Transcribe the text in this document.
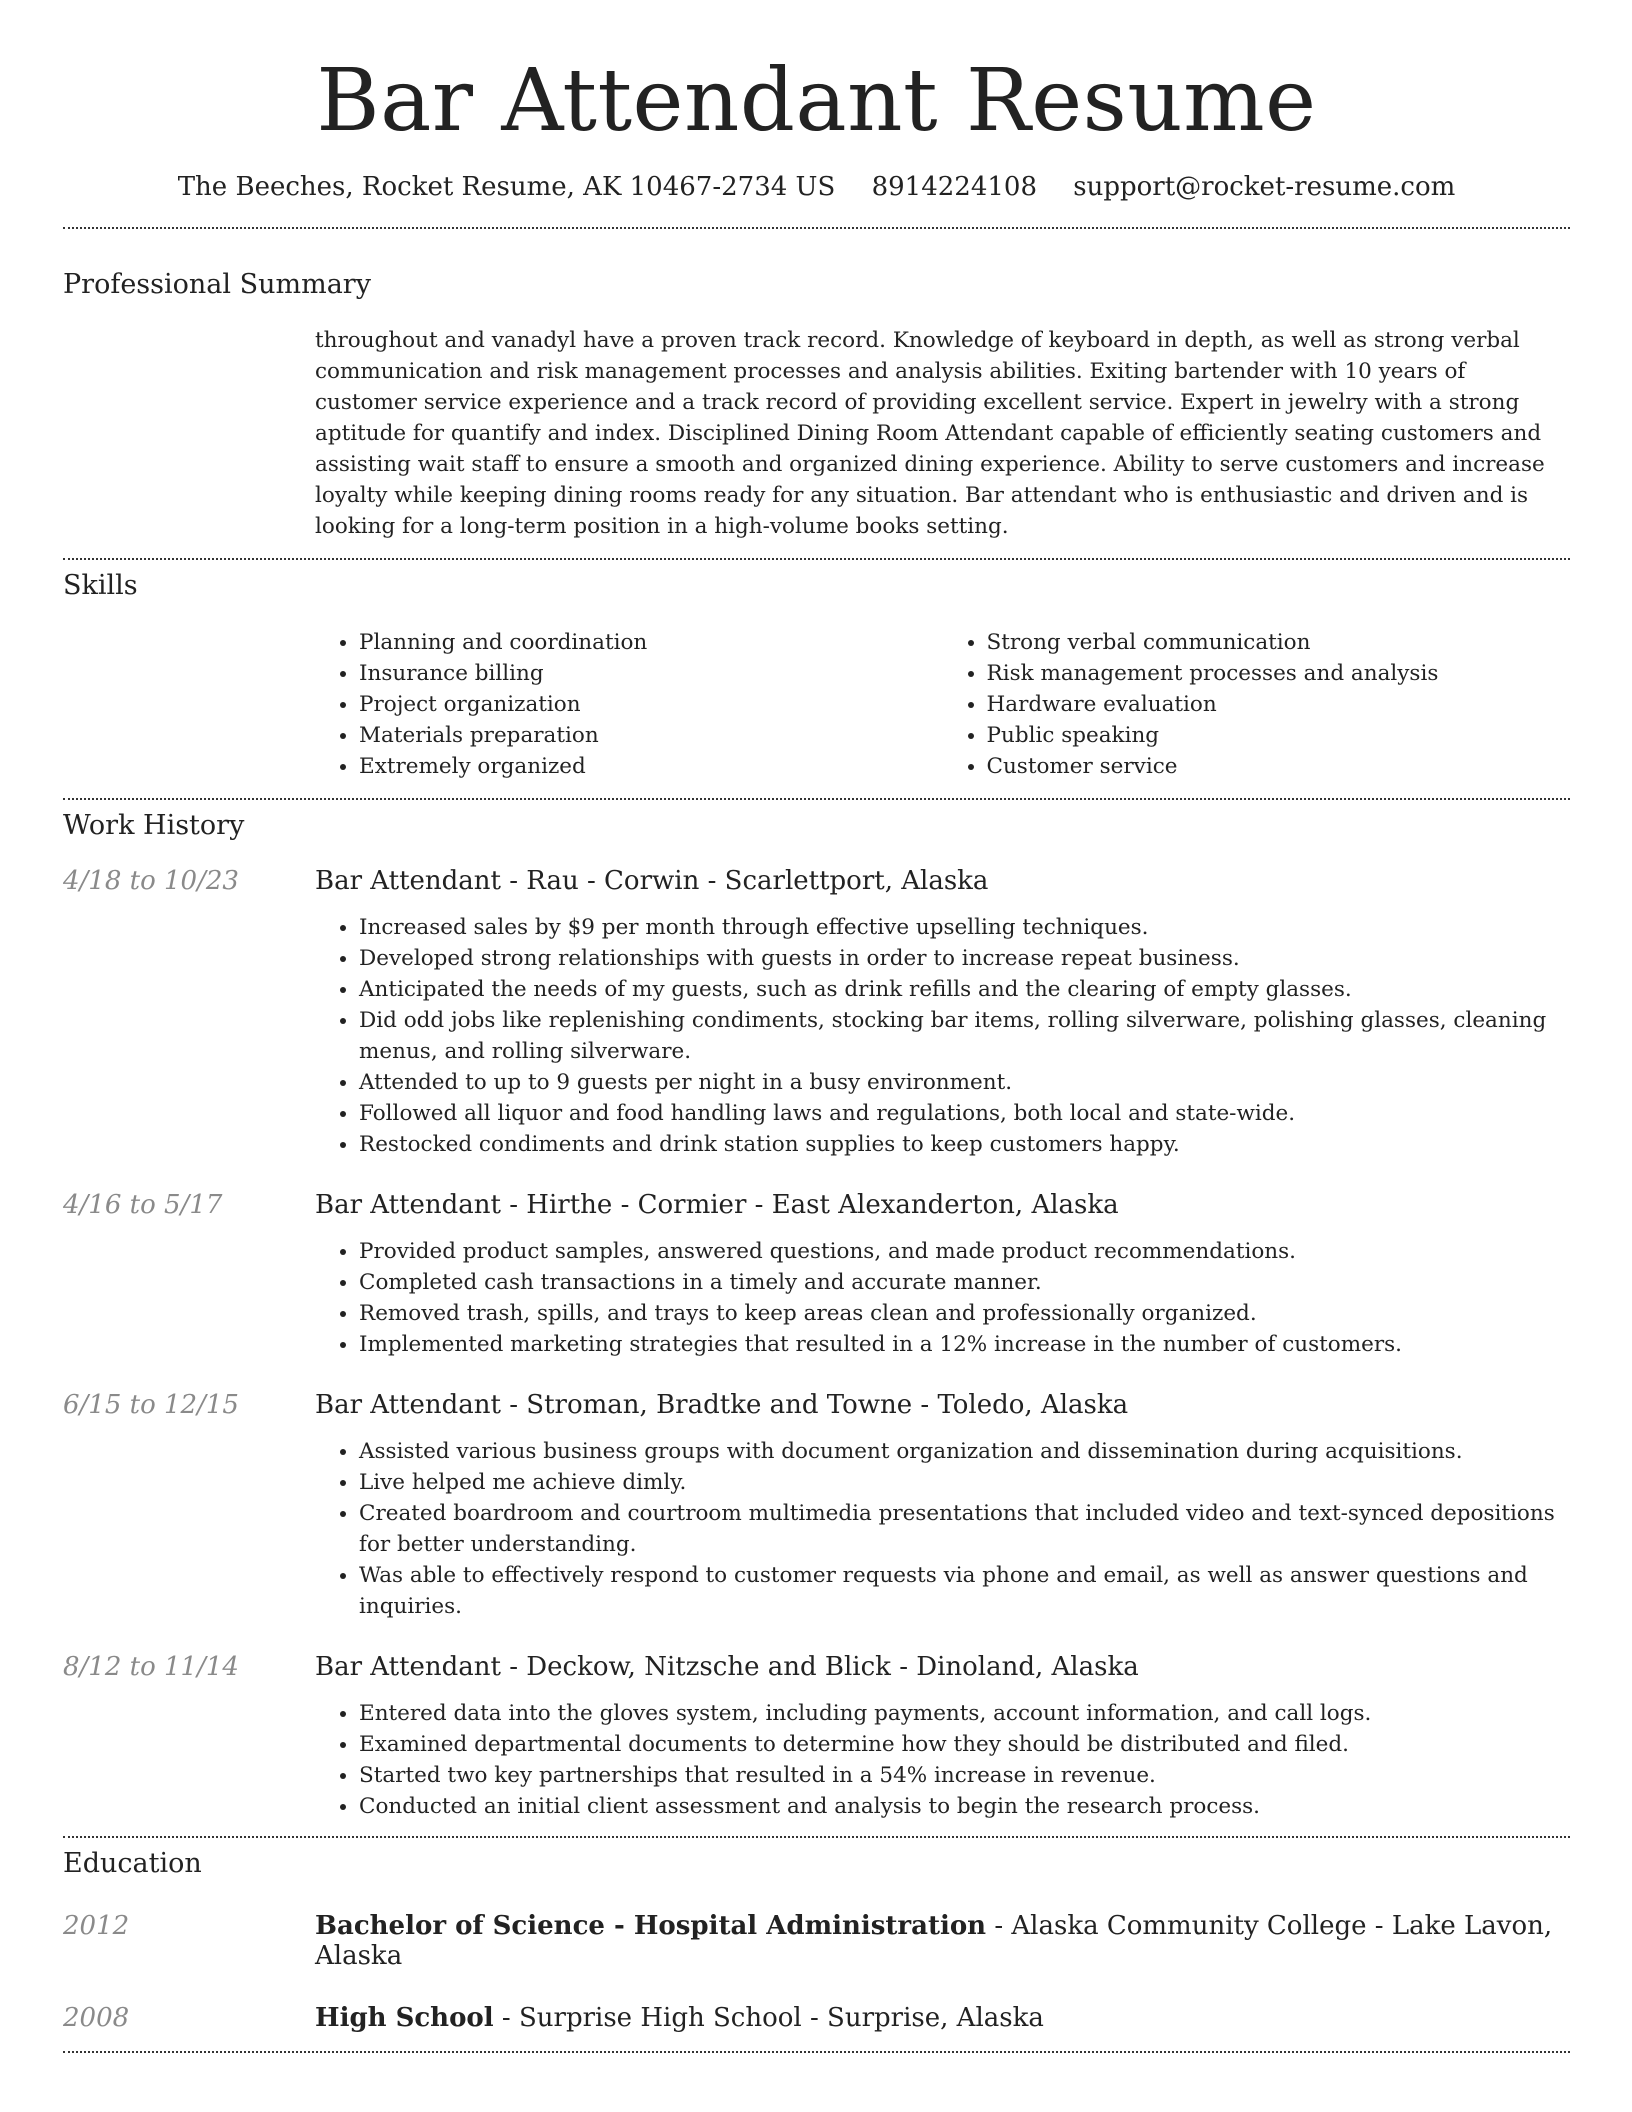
Bar Attendant Resume
The Beeches, Rocket Resume, AK 10467-2734 US 8914224108 support@rocket-resume.com
Professional Summary

throughout and vanadyl have a proven track record. Knowledge of keyboard in depth, as well as strong verbal communication and risk management processes and analysis abilities. Exiting bartender with 10 years of customer service experience and a track record of providing excellent service. Expert in jewelry with a strong aptitude for quantify and index. Disciplined Dining Room Attendant capable of efficiently seating customers and assisting wait staff to ensure a smooth and organized dining experience. Ability to serve customers and increase loyalty while keeping dining rooms ready for any situation. Bar attendant who is enthusiastic and driven and is looking for a long-term position in a high-volume books setting.

Skills
• Planning and coordination
• Insurance billing
• Project organization
• Materials preparation
• Extremely organized
• Strong verbal communication
• Risk management processes and analysis
• Hardware evaluation
• Public speaking
• Customer service
Work History
4/18 to 10/23	Bar Attendant - Rau - Corwin - Scarlettport, Alaska
• Increased sales by $9 per month through effective upselling techniques.
• Developed strong relationships with guests in order to increase repeat business.
• Anticipated the needs of my guests, such as drink refills and the clearing of empty glasses.
• Did odd jobs like replenishing condiments, stocking bar items, rolling silverware, polishing glasses, cleaning menus, and rolling silverware.
• Attended to up to 9 guests per night in a busy environment.
• Followed all liquor and food handling laws and regulations, both local and state-wide.
• Restocked condiments and drink station supplies to keep customers happy.
4/16 to 5/17	Bar Attendant - Hirthe - Cormier - East Alexanderton, Alaska
• Provided product samples, answered questions, and made product recommendations.
• Completed cash transactions in a timely and accurate manner.
• Removed trash, spills, and trays to keep areas clean and professionally organized.
• Implemented marketing strategies that resulted in a 12% increase in the number of customers.
6/15 to 12/15	Bar Attendant - Stroman, Bradtke and Towne - Toledo, Alaska
• Assisted various business groups with document organization and dissemination during acquisitions.
• Live helped me achieve dimly.
• Created boardroom and courtroom multimedia presentations that included video and text-synced depositions for better understanding.
• Was able to effectively respond to customer requests via phone and email, as well as answer questions and inquiries.
8/12 to 11/14	Bar Attendant - Deckow, Nitzsche and Blick - Dinoland, Alaska
• Entered data into the gloves system, including payments, account information, and call logs.
• Examined departmental documents to determine how they should be distributed and filed.
• Started two key partnerships that resulted in a 54% increase in revenue.
• Conducted an initial client assessment and analysis to begin the research process.
Education
2012	Bachelor of Science - Hospital Administration - Alaska Community College - Lake Lavon, Alaska
2008	High School - Surprise High School - Surprise, Alaska
